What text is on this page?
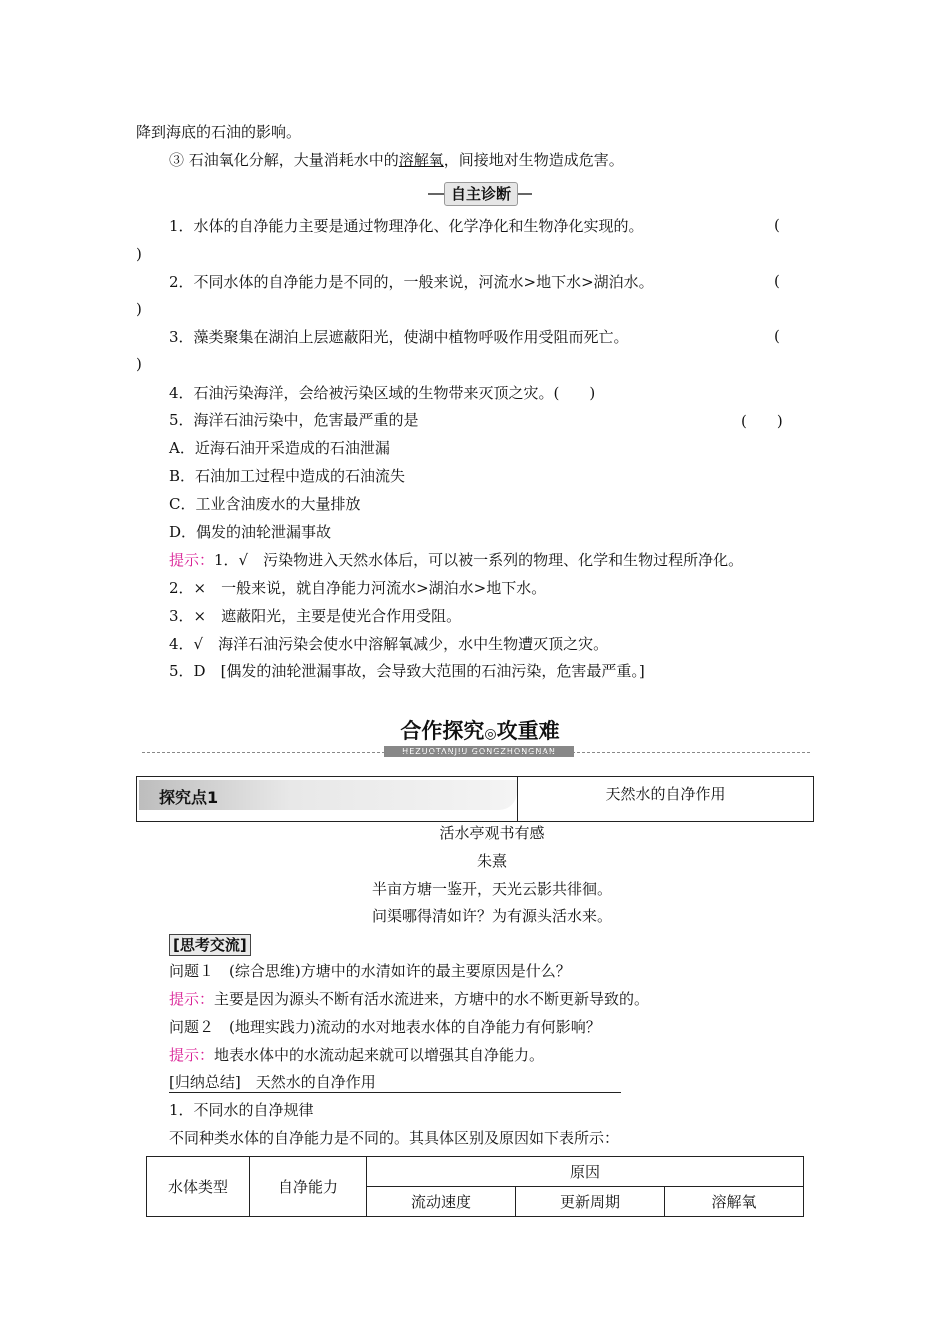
降到海底的石油的影响。
③ 石油氧化分解，大量消耗水中的溶解氧，间接地对生物造成危害。
自主诊断
1．水体的自净能力主要是通过物理净化、化学净化和生物净化实现的。	(
)
2．不同水体的自净能力是不同的，一般来说，河流水>地下水>湖泊水。	(
)
3．藻类聚集在湖泊上层遮蔽阳光，使湖中植物呼吸作用受阻而死亡。	(
)
4．石油污染海洋，会给被污染区域的生物带来灭顶之灾。(　　)
5．海洋石油污染中，危害最严重的是	(　　)
A．近海石油开采造成的石油泄漏
B．石油加工过程中造成的石油流失
C．工业含油废水的大量排放
D．偶发的油轮泄漏事故
提示：1．√　污染物进入天然水体后，可以被一系列的物理、化学和生物过程所净化。
2．×　一般来说，就自净能力河流水>湖泊水>地下水。
3．×　遮蔽阳光，主要是使光合作用受阻。
4．√　海洋石油污染会使水中溶解氧减少，水中生物遭灭顶之灾。
5．D　[偶发的油轮泄漏事故，会导致大范围的石油污染，危害最严重。]
合作探究◎攻重难
HEZUOTANJIU GONGZHONGNAN
探究点1	天然水的自净作用
活水亭观书有感
朱熹
半亩方塘一鉴开，天光云影共徘徊。
问渠哪得清如许？为有源头活水来。
[思考交流]
问题１　(综合思维)方塘中的水清如许的最主要原因是什么？
提示：主要是因为源头不断有活水流进来，方塘中的水不断更新导致的。
问题２　(地理实践力)流动的水对地表水体的自净能力有何影响？
提示：地表水体中的水流动起来就可以增强其自净能力。
[归纳总结]　天然水的自净作用
1．不同水的自净规律
不同种类水体的自净能力是不同的。其具体区别及原因如下表所示：
水体类型	自净能力	原因		
		流动速度	更新周期	溶解氧
